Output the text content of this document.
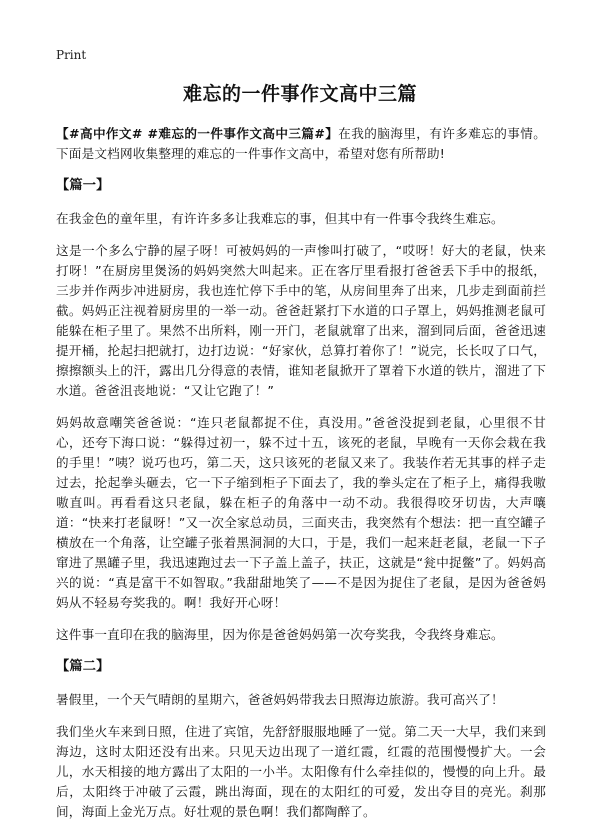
Print
难忘的一件事作文高中三篇

【#高中作文# #难忘的一件事作文高中三篇#】在我的脑海里，有许多难忘的事情。下面是文档网收集整理的难忘的一件事作文高中，希望对您有所帮助!

【篇一】

在我金色的童年里，有许许多多让我难忘的事，但其中有一件事令我终生难忘。

这是一个多么宁静的屋子呀！可被妈妈的一声惨叫打破了，“哎呀！好大的老鼠，快来打呀！”在厨房里煲汤的妈妈突然大叫起来。正在客厅里看报打爸爸丢下手中的报纸，三步并作两步冲进厨房，我也连忙停下手中的笔，从房间里奔了出来，几步走到面前拦截。妈妈正注视着厨房里的一举一动。爸爸赶紧打下水道的口子罩上，妈妈推测老鼠可能躲在柜子里了。果然不出所料，刚一开门，老鼠就窜了出来，溜到同后面，爸爸迅速提开桶，抡起扫把就打，边打边说：“好家伙，总算打着你了！”说完，长长叹了口气，擦擦额头上的汗，露出几分得意的表情，谁知老鼠掀开了罩着下水道的铁片，溜进了下水道。爸爸沮丧地说：“又让它跑了！”

妈妈故意嘲笑爸爸说：“连只老鼠都捉不住，真没用。”爸爸没捉到老鼠，心里很不甘心，还夸下海口说：“躲得过初一，躲不过十五，该死的老鼠，早晚有一天你会栽在我的手里！”咦？说巧也巧，第二天，这只该死的老鼠又来了。我装作若无其事的样子走过去，抡起拳头砸去，它一下子缩到柜子下面去了，我的拳头定在了柜子上，痛得我嗷嗷直叫。再看看这只老鼠，躲在柜子的角落中一动不动。我很得咬牙切齿，大声嚷道：“快来打老鼠呀！”又一次全家总动员，三面夹击，我突然有个想法：把一直空罐子横放在一个角落，让空罐子张着黑洞洞的大口，于是，我们一起来赶老鼠，老鼠一下子窜进了黑罐子里，我迅速跑过去一下子盖上盖子，扶正，这就是“瓮中捉鳖”了。妈妈高兴的说：“真是富干不如智取。”我甜甜地笑了——不是因为捉住了老鼠，是因为爸爸妈妈从不轻易夸奖我的。啊！我好开心呀！

这件事一直印在我的脑海里，因为你是爸爸妈妈第一次夸奖我，令我终身难忘。

【篇二】

暑假里，一个天气晴朗的星期六，爸爸妈妈带我去日照海边旅游。我可高兴了！

我们坐火车来到日照，住进了宾馆，先舒舒服服地睡了一觉。第二天一大早，我们来到海边，这时太阳还没有出来。只见天边出现了一道红霞，红霞的范围慢慢扩大。一会儿，水天相接的地方露出了太阳的一小半。太阳像有什么牵挂似的，慢慢的向上升。最后，太阳终于冲破了云霞，跳出海面，现在的太阳红的可爱，发出夺目的亮光。刹那间，海面上金光万点。好壮观的景色啊！我们都陶醉了。
